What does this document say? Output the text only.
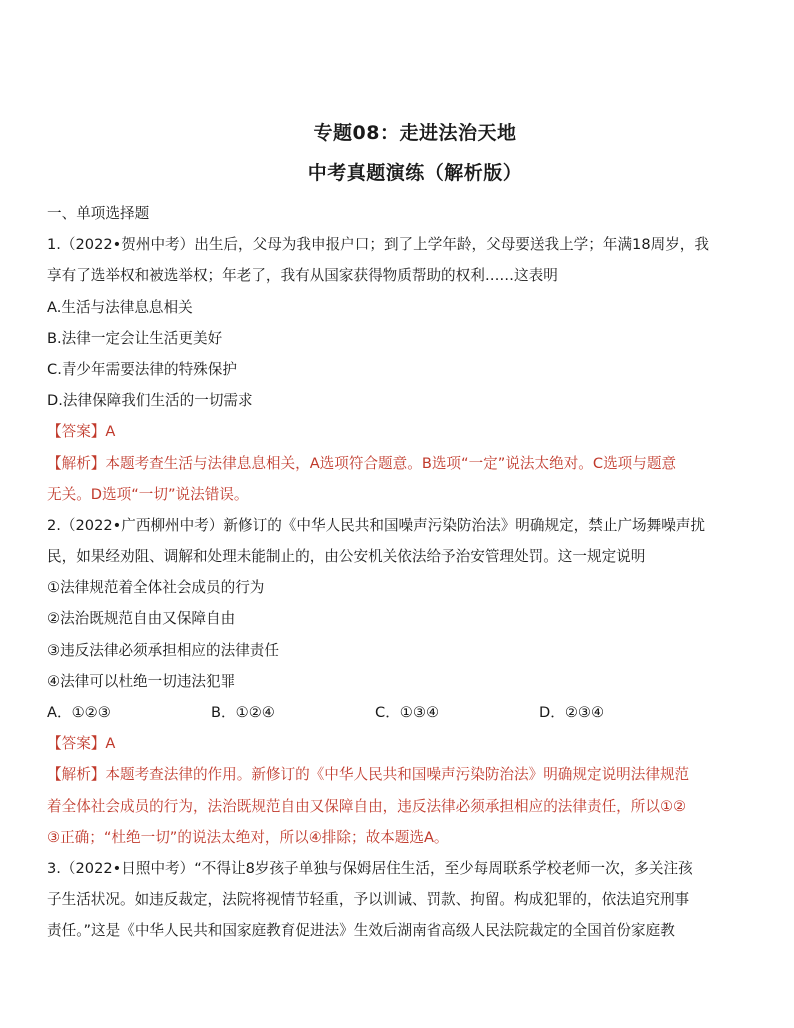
专题08：走进法治天地
中考真题演练（解析版）
一、单项选择题
1.（2022•贺州中考）出生后，父母为我申报户口；到了上学年龄，父母要送我上学；年满18周岁，我
享有了选举权和被选举权；年老了，我有从国家获得物质帮助的权利……这表明
A.生活与法律息息相关
B.法律一定会让生活更美好
C.青少年需要法律的特殊保护
D.法律保障我们生活的一切需求
【答案】A
【解析】本题考查生活与法律息息相关，A选项符合题意。B选项“一定”说法太绝对。C选项与题意
无关。D选项“一切”说法错误。
2.（2022•广西柳州中考）新修订的《中华人民共和国噪声污染防治法》明确规定，禁止广场舞噪声扰
民，如果经劝阻、调解和处理未能制止的，由公安机关依法给予治安管理处罚。这一规定说明
①法律规范着全体社会成员的行为
②法治既规范自由又保障自由
③违反法律必须承担相应的法律责任
④法律可以杜绝一切违法犯罪
A．①②③	B．①②④	C．①③④	D．②③④
【答案】A
【解析】本题考查法律的作用。新修订的《中华人民共和国噪声污染防治法》明确规定说明法律规范
着全体社会成员的行为，法治既规范自由又保障自由，违反法律必须承担相应的法律责任，所以①②
③正确；“杜绝一切”的说法太绝对，所以④排除；故本题选A。
3.（2022•日照中考）“不得让8岁孩子单独与保姆居住生活，至少每周联系学校老师一次，多关注孩
子生活状况。如违反裁定，法院将视情节轻重，予以训诫、罚款、拘留。构成犯罪的，依法追究刑事
责任。”这是《中华人民共和国家庭教育促进法》生效后湖南省高级人民法院裁定的全国首份家庭教
